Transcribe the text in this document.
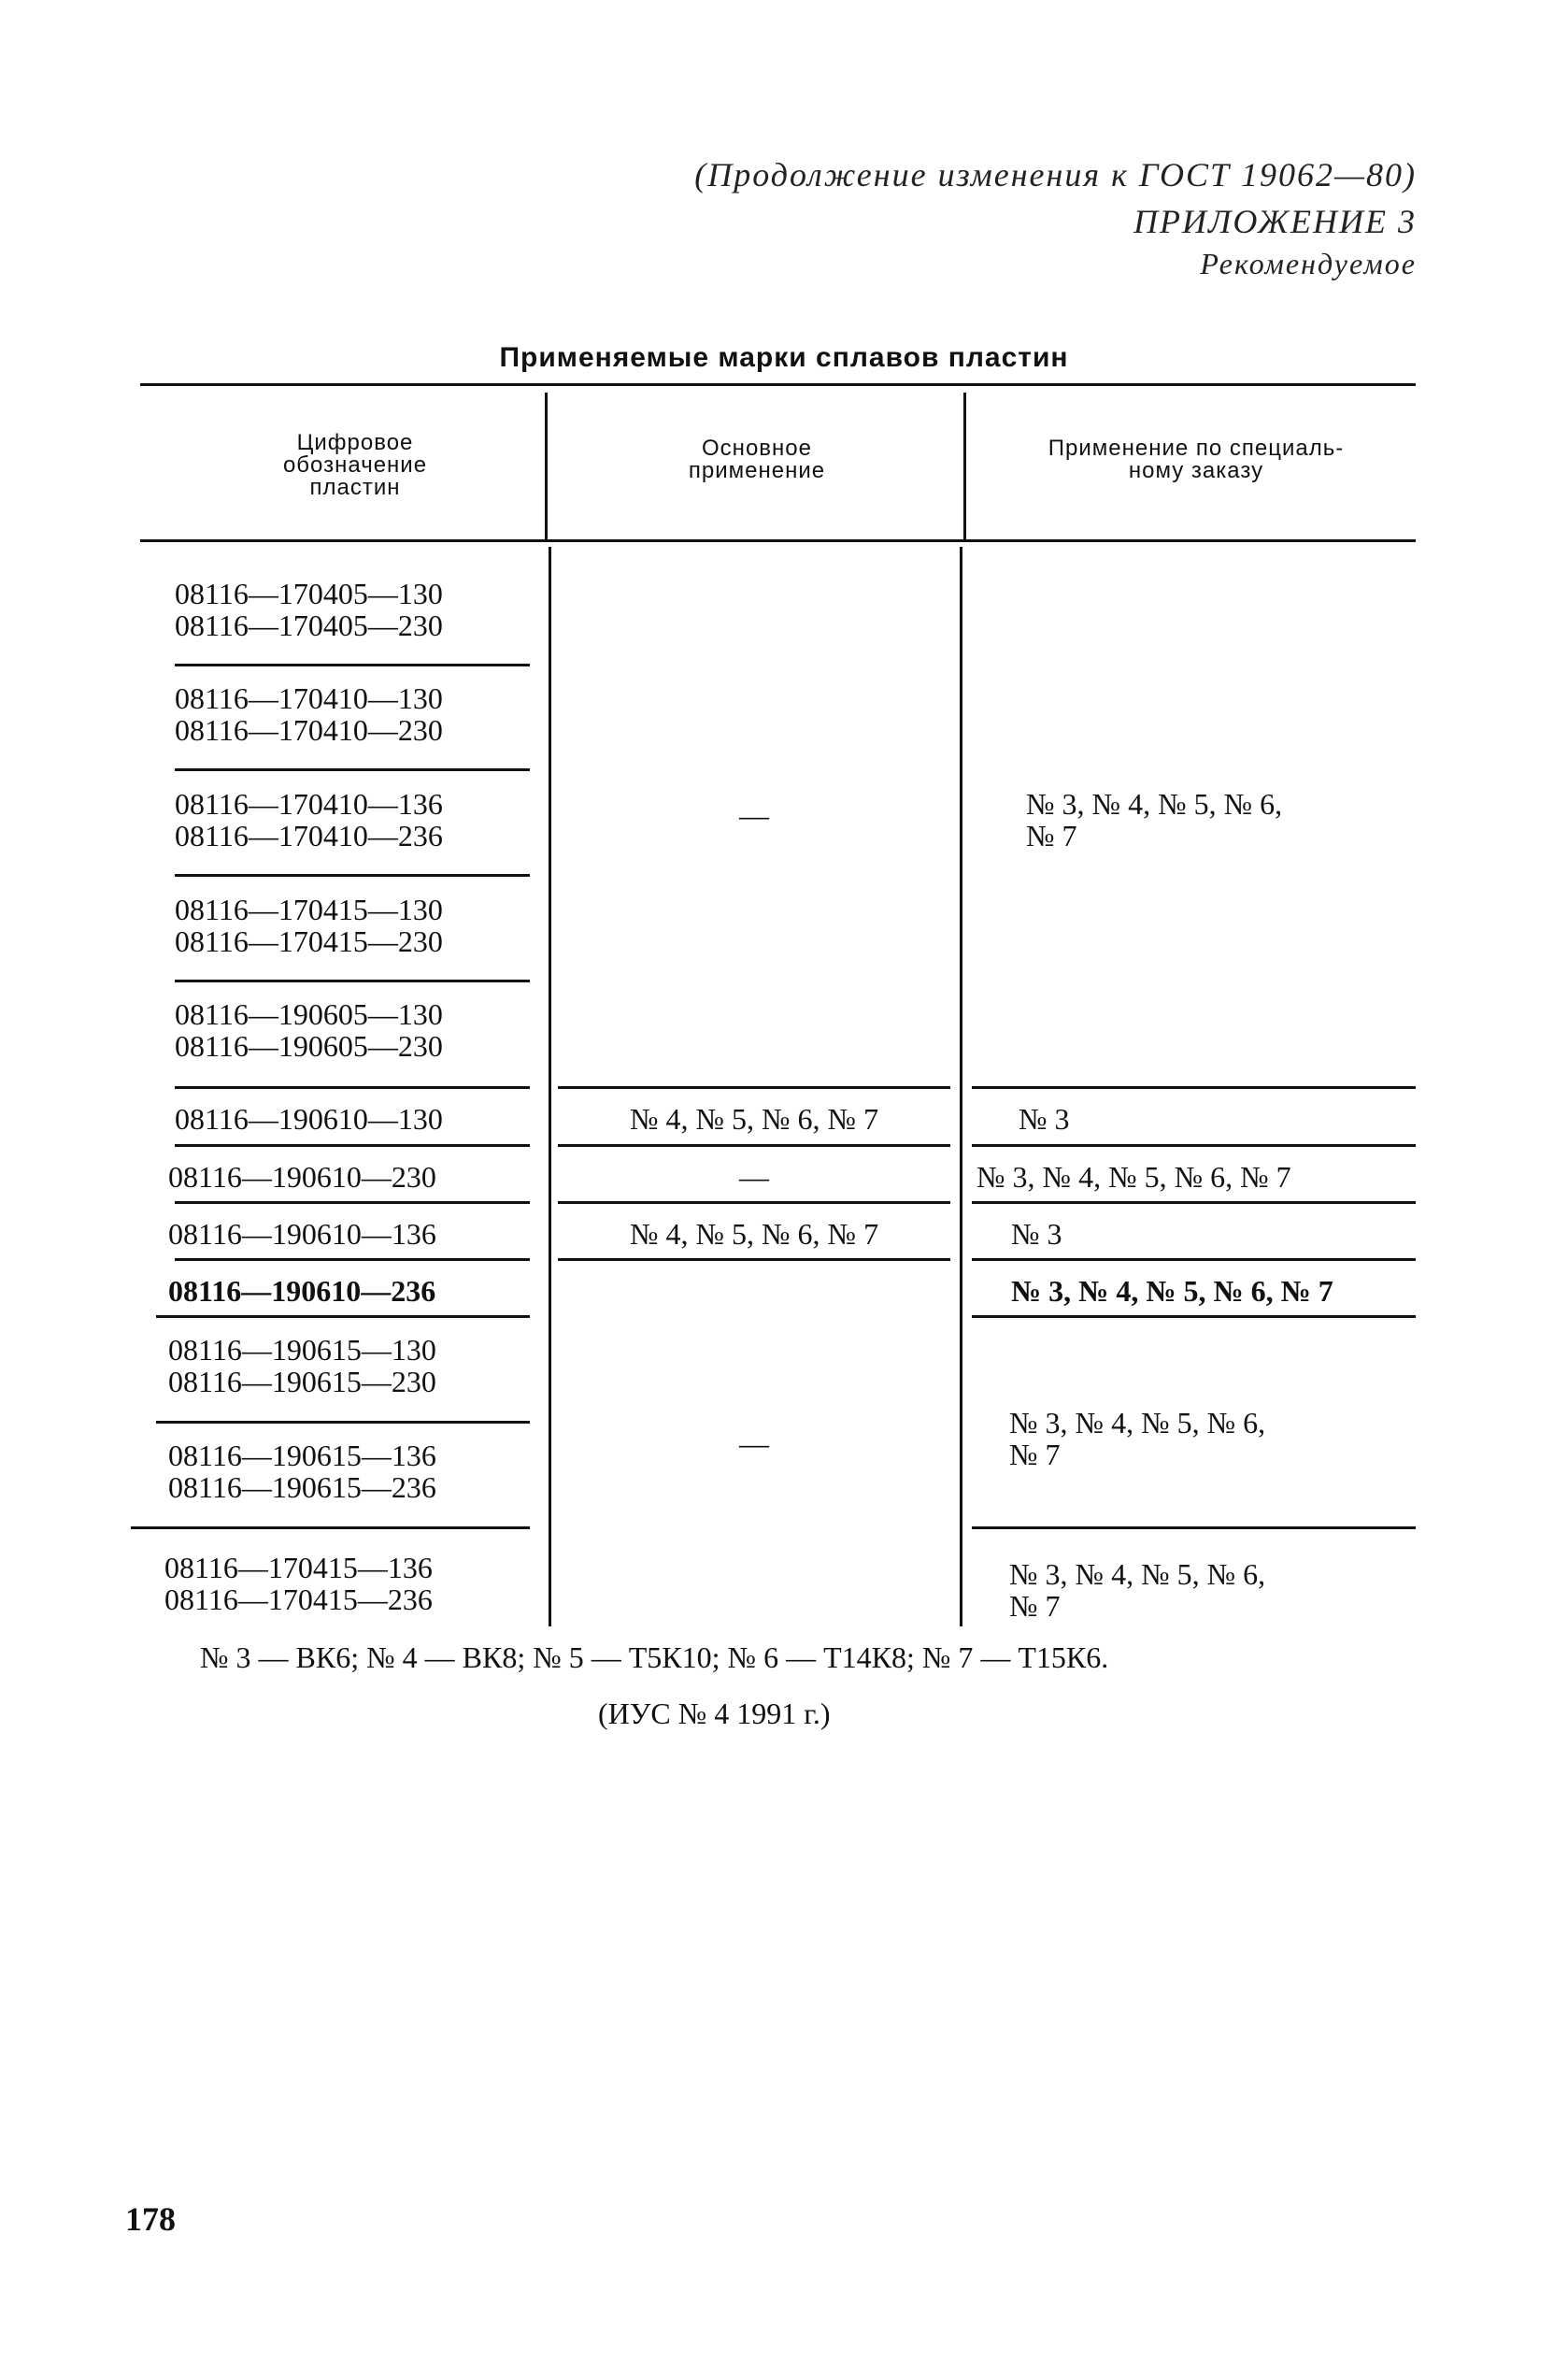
(Продолжение изменения к ГОСТ 19062—80)
ПРИЛОЖЕНИЕ 3
Рекомендуемое
Применяемые марки сплавов пластин
Цифровое
обозначение
пластин
Основное
применение
Применение по специаль-
ному заказу
08116—170405—130
08116—170405—230
08116—170410—130
08116—170410—230
08116—170410—136
08116—170410—236
08116—170415—130
08116—170415—230
08116—190605—130
08116—190605—230
08116—190610—130
08116—190610—230
08116—190610—136
08116—190610—236
08116—190615—130
08116—190615—230
08116—190615—136
08116—190615—236
08116—170415—136
08116—170415—236
—
№ 4, № 5, № 6, № 7
—
№ 4, № 5, № 6, № 7
—
№ 3, № 4, № 5, № 6,
№ 7
№ 3
№ 3, № 4, № 5, № 6, № 7
№ 3
№ 3, № 4, № 5, № 6, № 7
№ 3, № 4, № 5, № 6,
№ 7
№ 3, № 4, № 5, № 6,
№ 7
№ 3 — ВК6; № 4 — ВК8; № 5 — Т5К10; № 6 — Т14К8; № 7 — Т15К6.
(ИУС № 4 1991 г.)
178
